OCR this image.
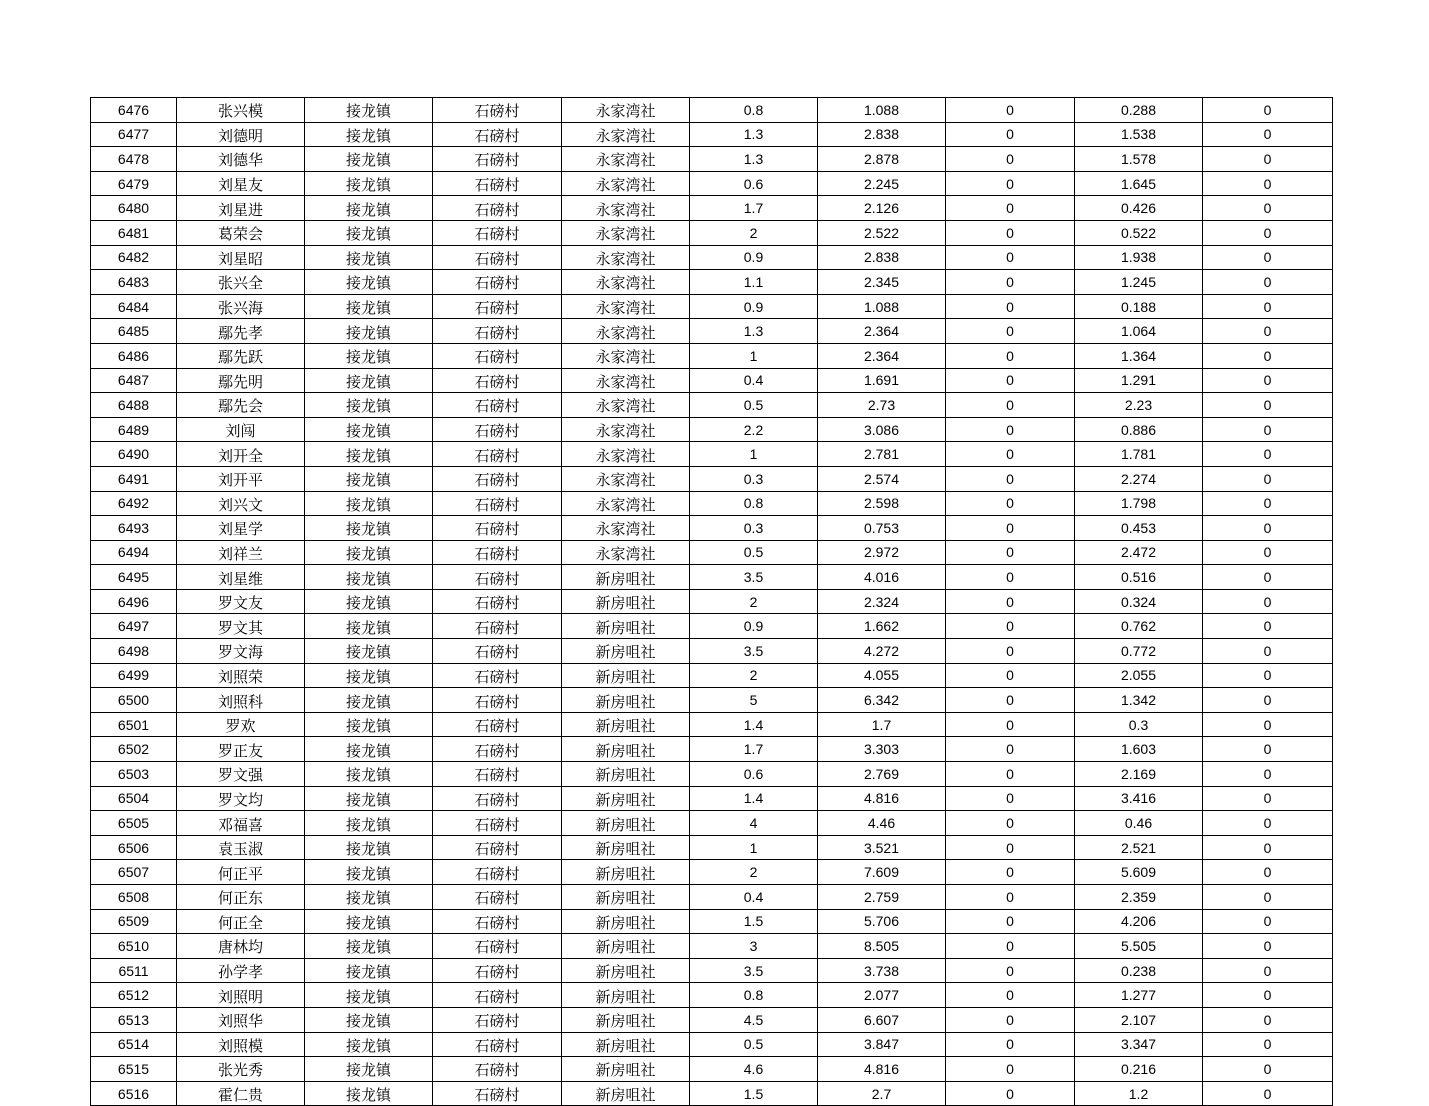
6476	张兴模	接龙镇	石磅村	永家湾社	0.8	1.088	0	0.288	0
6477	刘德明	接龙镇	石磅村	永家湾社	1.3	2.838	0	1.538	0
6478	刘德华	接龙镇	石磅村	永家湾社	1.3	2.878	0	1.578	0
6479	刘星友	接龙镇	石磅村	永家湾社	0.6	2.245	0	1.645	0
6480	刘星进	接龙镇	石磅村	永家湾社	1.7	2.126	0	0.426	0
6481	葛荣会	接龙镇	石磅村	永家湾社	2	2.522	0	0.522	0
6482	刘星昭	接龙镇	石磅村	永家湾社	0.9	2.838	0	1.938	0
6483	张兴全	接龙镇	石磅村	永家湾社	1.1	2.345	0	1.245	0
6484	张兴海	接龙镇	石磅村	永家湾社	0.9	1.088	0	0.188	0
6485	鄢先孝	接龙镇	石磅村	永家湾社	1.3	2.364	0	1.064	0
6486	鄢先跃	接龙镇	石磅村	永家湾社	1	2.364	0	1.364	0
6487	鄢先明	接龙镇	石磅村	永家湾社	0.4	1.691	0	1.291	0
6488	鄢先会	接龙镇	石磅村	永家湾社	0.5	2.73	0	2.23	0
6489	刘闯	接龙镇	石磅村	永家湾社	2.2	3.086	0	0.886	0
6490	刘开全	接龙镇	石磅村	永家湾社	1	2.781	0	1.781	0
6491	刘开平	接龙镇	石磅村	永家湾社	0.3	2.574	0	2.274	0
6492	刘兴文	接龙镇	石磅村	永家湾社	0.8	2.598	0	1.798	0
6493	刘星学	接龙镇	石磅村	永家湾社	0.3	0.753	0	0.453	0
6494	刘祥兰	接龙镇	石磅村	永家湾社	0.5	2.972	0	2.472	0
6495	刘星维	接龙镇	石磅村	新房咀社	3.5	4.016	0	0.516	0
6496	罗文友	接龙镇	石磅村	新房咀社	2	2.324	0	0.324	0
6497	罗文其	接龙镇	石磅村	新房咀社	0.9	1.662	0	0.762	0
6498	罗文海	接龙镇	石磅村	新房咀社	3.5	4.272	0	0.772	0
6499	刘照荣	接龙镇	石磅村	新房咀社	2	4.055	0	2.055	0
6500	刘照科	接龙镇	石磅村	新房咀社	5	6.342	0	1.342	0
6501	罗欢	接龙镇	石磅村	新房咀社	1.4	1.7	0	0.3	0
6502	罗正友	接龙镇	石磅村	新房咀社	1.7	3.303	0	1.603	0
6503	罗文强	接龙镇	石磅村	新房咀社	0.6	2.769	0	2.169	0
6504	罗文均	接龙镇	石磅村	新房咀社	1.4	4.816	0	3.416	0
6505	邓福喜	接龙镇	石磅村	新房咀社	4	4.46	0	0.46	0
6506	袁玉淑	接龙镇	石磅村	新房咀社	1	3.521	0	2.521	0
6507	何正平	接龙镇	石磅村	新房咀社	2	7.609	0	5.609	0
6508	何正东	接龙镇	石磅村	新房咀社	0.4	2.759	0	2.359	0
6509	何正全	接龙镇	石磅村	新房咀社	1.5	5.706	0	4.206	0
6510	唐林均	接龙镇	石磅村	新房咀社	3	8.505	0	5.505	0
6511	孙学孝	接龙镇	石磅村	新房咀社	3.5	3.738	0	0.238	0
6512	刘照明	接龙镇	石磅村	新房咀社	0.8	2.077	0	1.277	0
6513	刘照华	接龙镇	石磅村	新房咀社	4.5	6.607	0	2.107	0
6514	刘照模	接龙镇	石磅村	新房咀社	0.5	3.847	0	3.347	0
6515	张光秀	接龙镇	石磅村	新房咀社	4.6	4.816	0	0.216	0
6516	霍仁贵	接龙镇	石磅村	新房咀社	1.5	2.7	0	1.2	0
